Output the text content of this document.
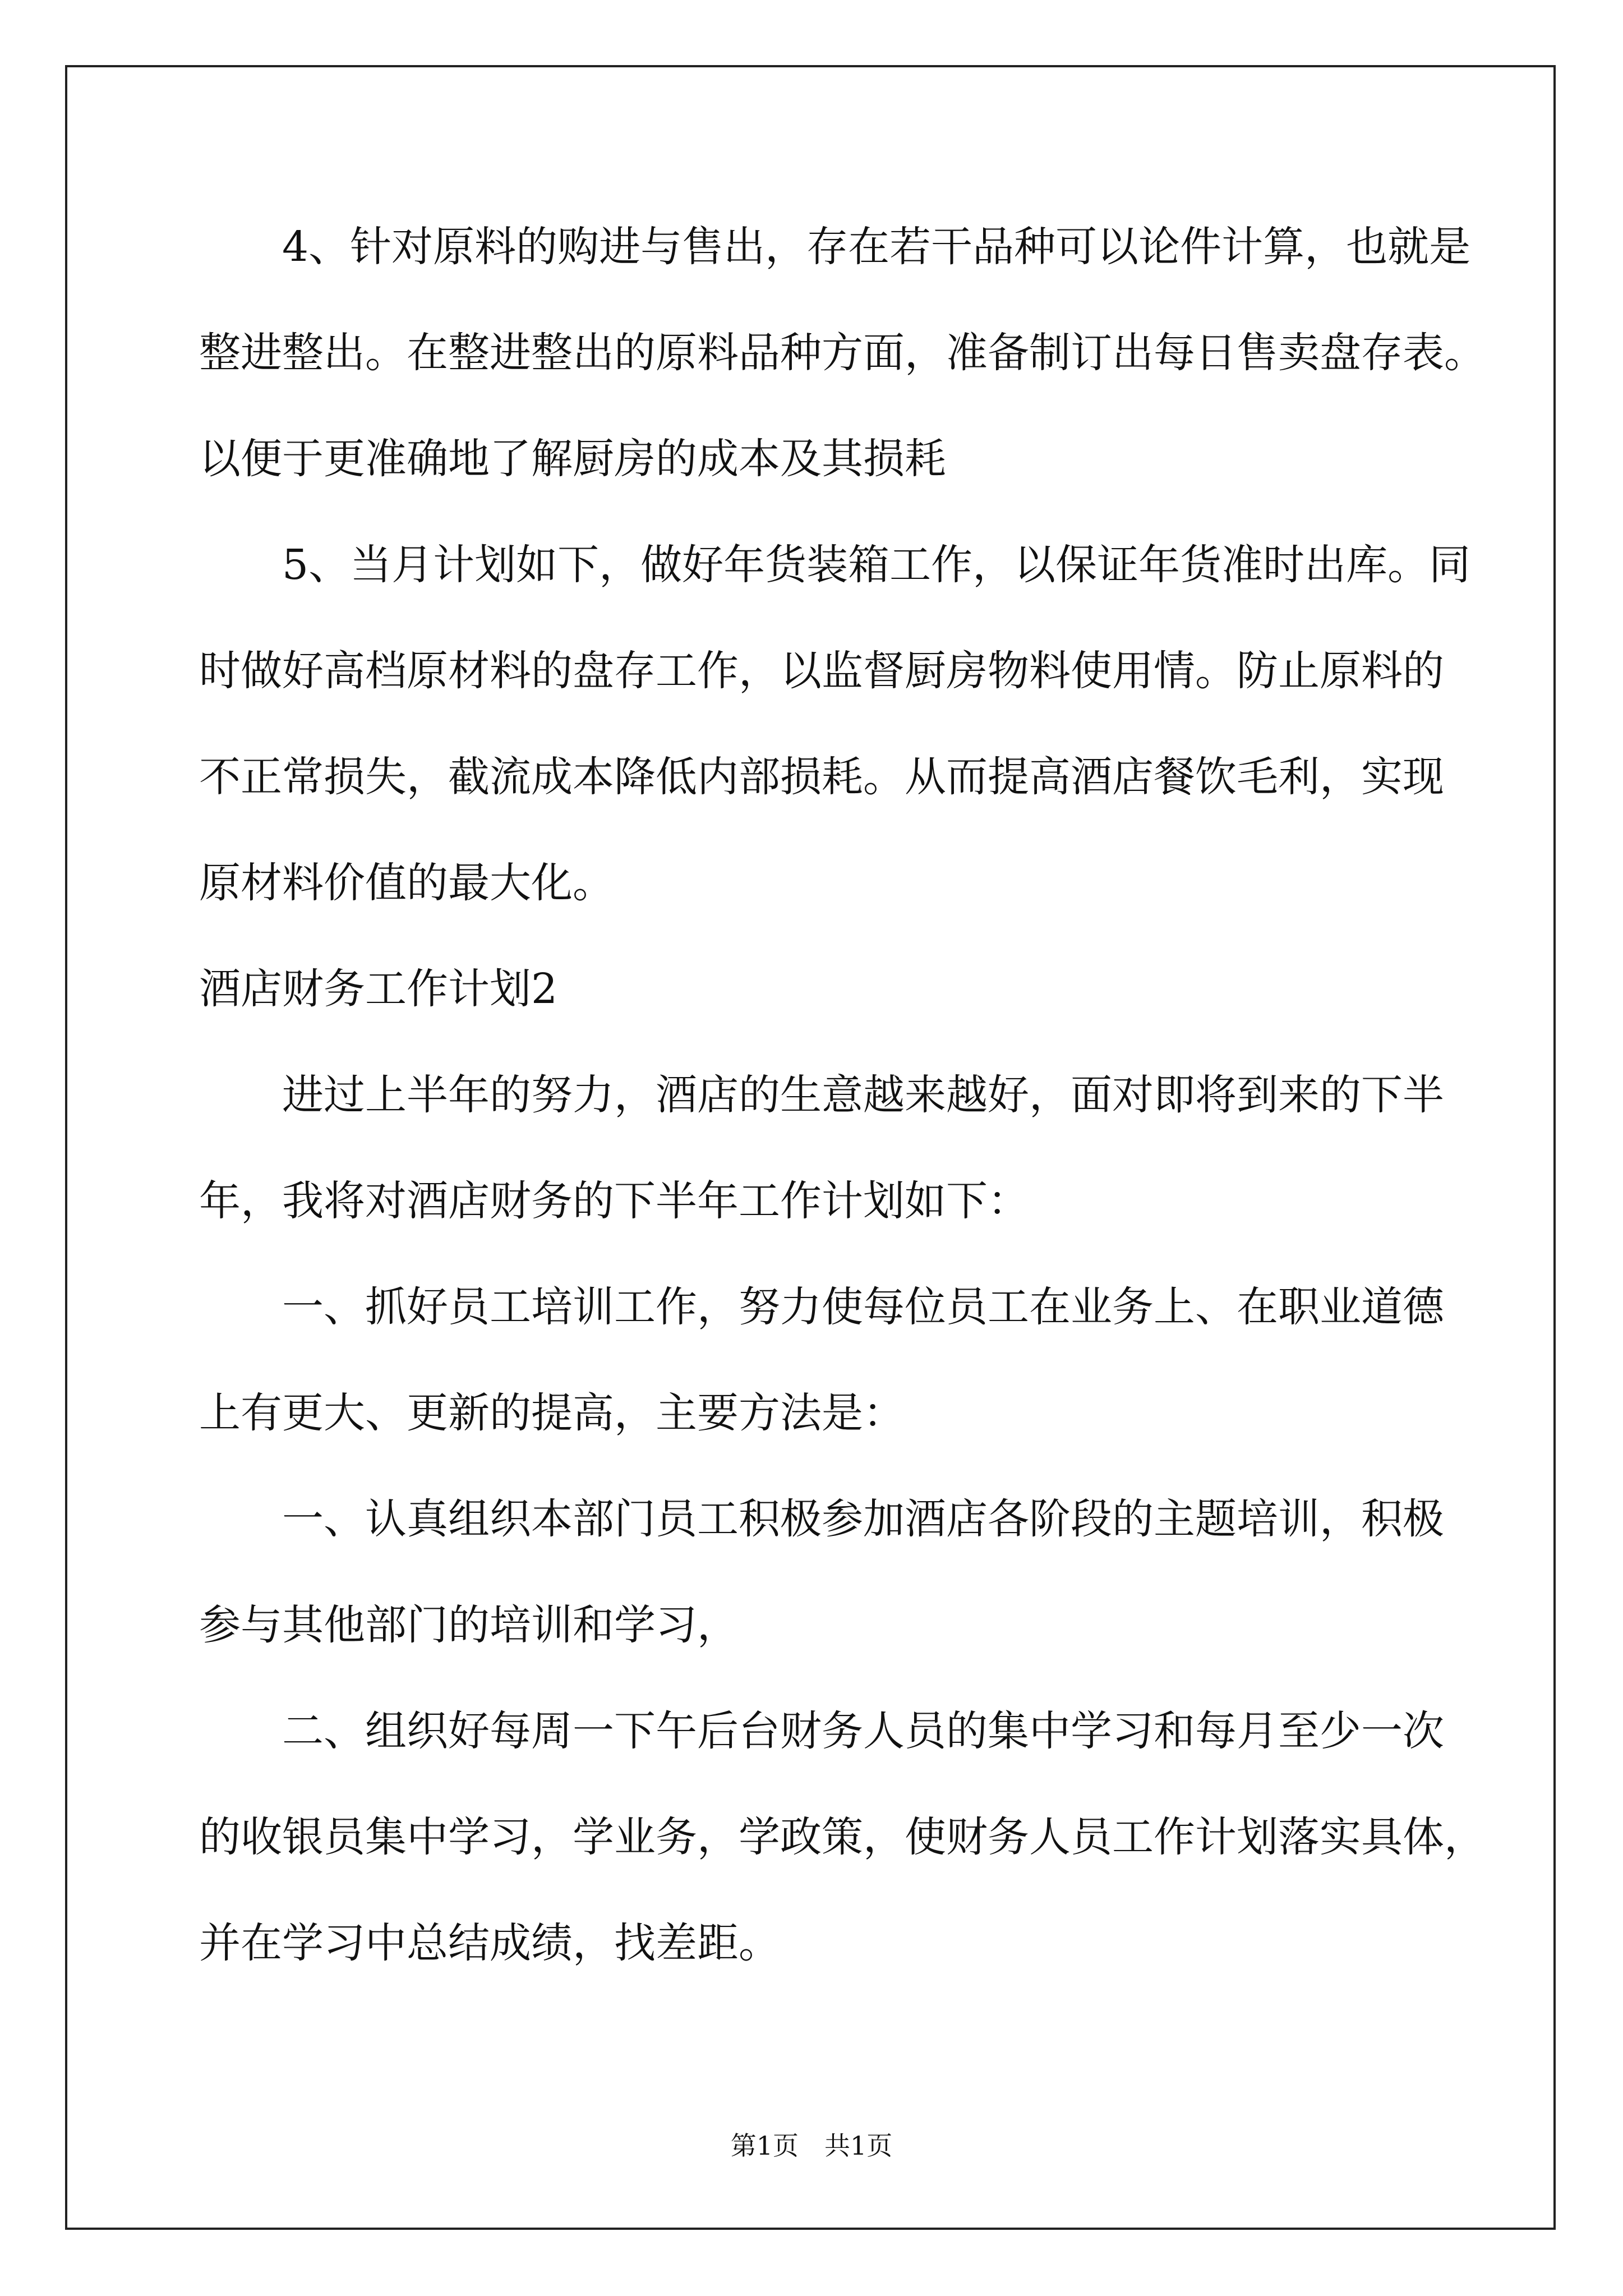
4、针对原料的购进与售出，存在若干品种可以论件计算，也就是
整进整出。在整进整出的原料品种方面，准备制订出每日售卖盘存表。
以便于更准确地了解厨房的成本及其损耗
5、当月计划如下，做好年货装箱工作，以保证年货准时出库。同
时做好高档原材料的盘存工作，以监督厨房物料使用情。防止原料的
不正常损失，截流成本降低内部损耗。从而提高酒店餐饮毛利，实现
原材料价值的最大化。
酒店财务工作计划2
进过上半年的努力，酒店的生意越来越好，面对即将到来的下半
年，我将对酒店财务的下半年工作计划如下：
一、抓好员工培训工作，努力使每位员工在业务上、在职业道德
上有更大、更新的提高，主要方法是：
一、认真组织本部门员工积极参加酒店各阶段的主题培训，积极
参与其他部门的培训和学习，
二、组织好每周一下午后台财务人员的集中学习和每月至少一次
的收银员集中学习，学业务，学政策，使财务人员工作计划落实具体，
并在学习中总结成绩，找差距。
第1页　共1页
